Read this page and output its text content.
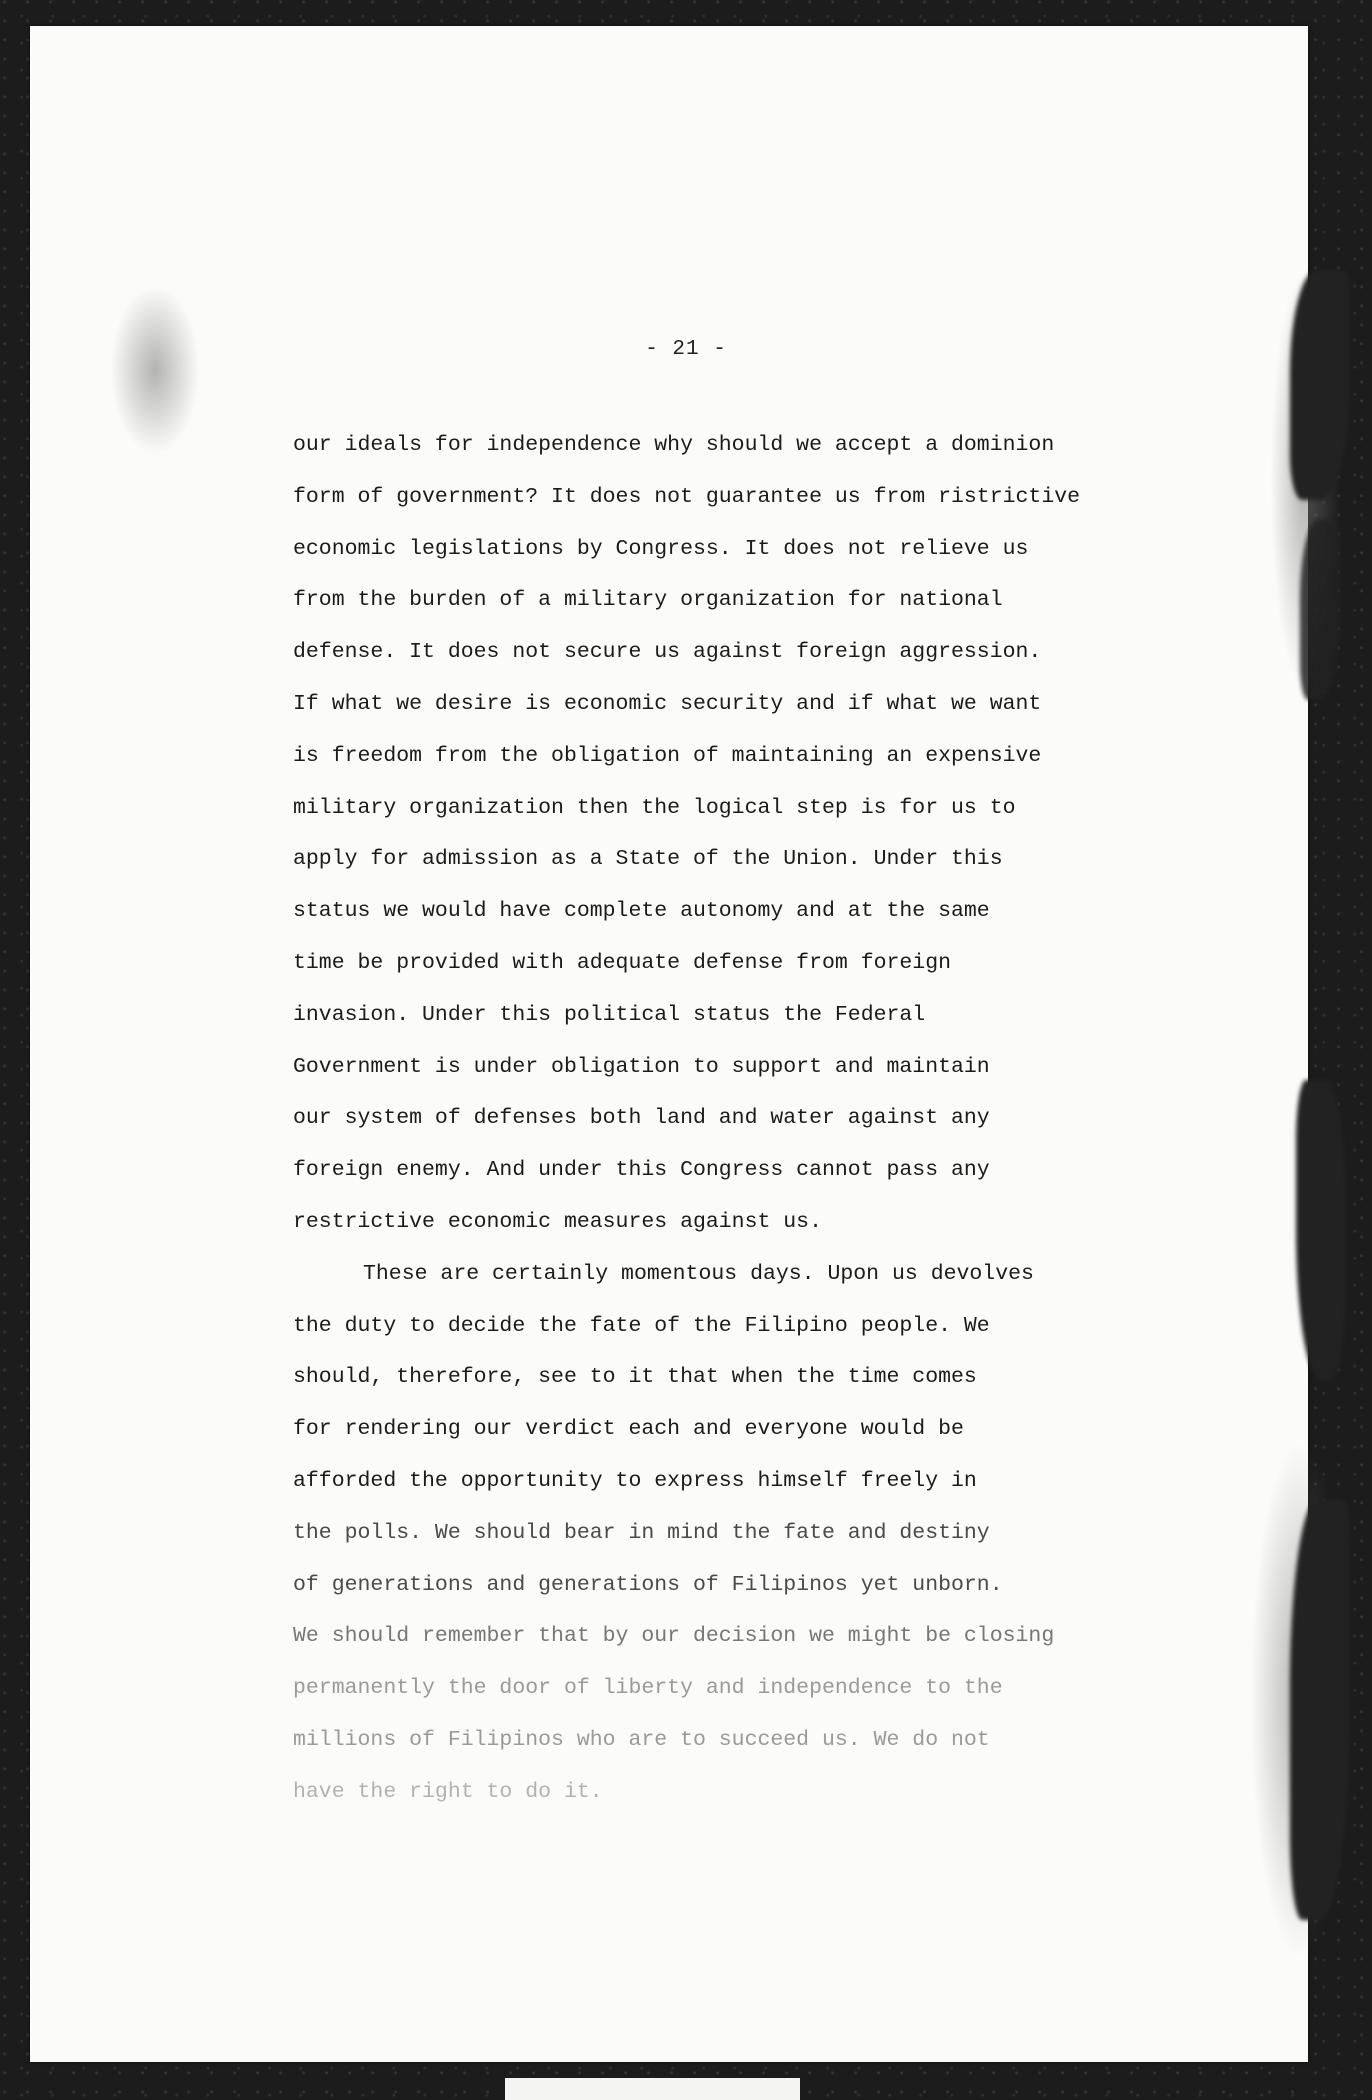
- 21 -
our ideals for independence why should we accept a dominion
form of government? It does not guarantee us from ristrictive
economic legislations by Congress. It does not relieve us
from the burden of a military organization for national
defense. It does not secure us against foreign aggression.
If what we desire is economic security and if what we want
is freedom from the obligation of maintaining an expensive
military organization then the logical step is for us to
apply for admission as a State of the Union. Under this
status we would have complete autonomy and at the same
time be provided with adequate defense from foreign
invasion. Under this political status the Federal
Government is under obligation to support and maintain
our system of defenses both land and water against any
foreign enemy. And under this Congress cannot pass any
restrictive economic measures against us.
These are certainly momentous days. Upon us devolves
the duty to decide the fate of the Filipino people. We
should, therefore, see to it that when the time comes
for rendering our verdict each and everyone would be
afforded the opportunity to express himself freely in
the polls. We should bear in mind the fate and destiny
of generations and generations of Filipinos yet unborn.
We should remember that by our decision we might be closing
permanently the door of liberty and independence to the
millions of Filipinos who are to succeed us. We do not
have the right to do it.
